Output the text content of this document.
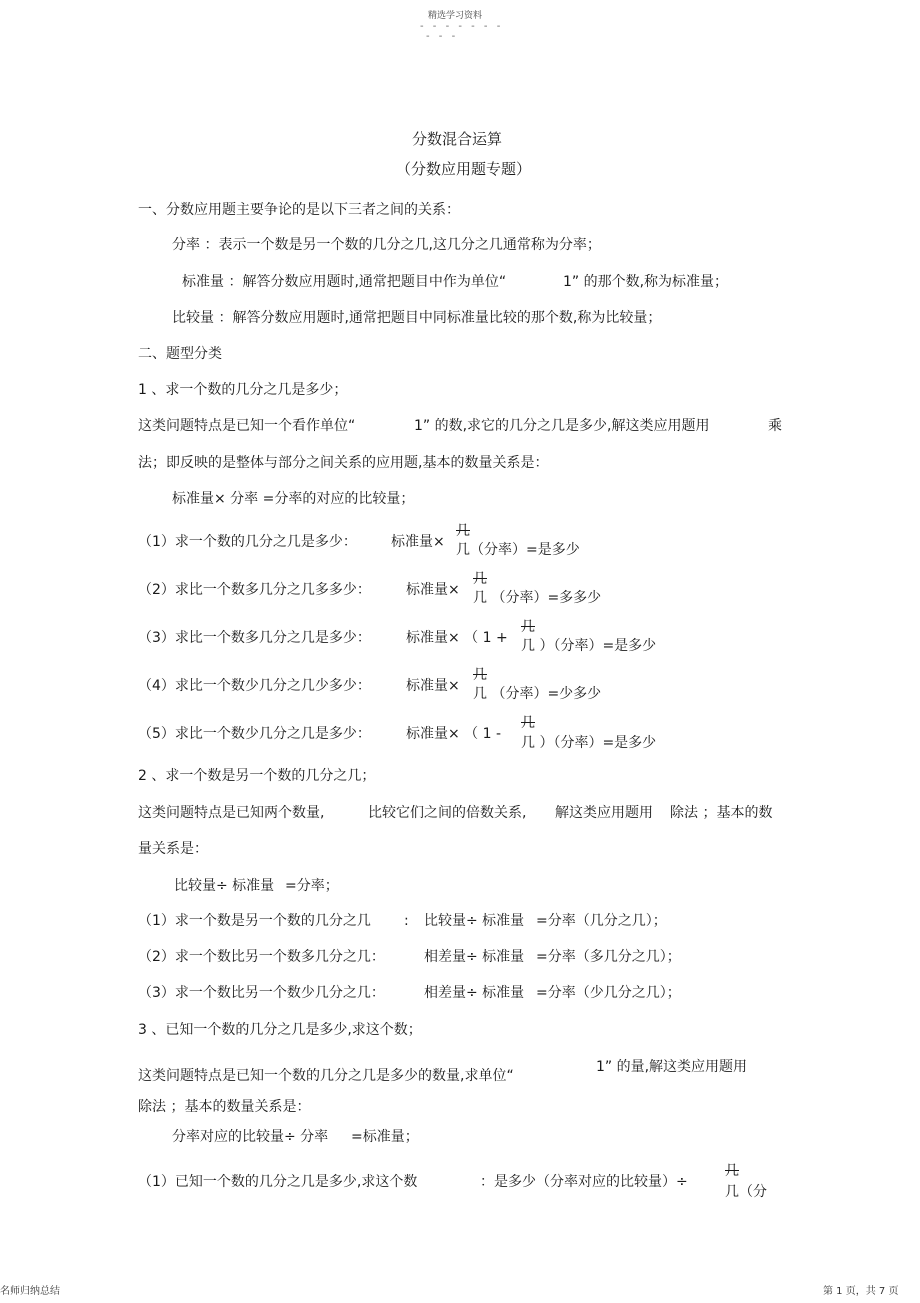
精选学习资料
- - - - - - -
- - -
分数混合运算
（分数应用题专题）
一、分数应用题主要争论的是以下三者之间的关系：
分率 ：表示一个数是另一个数的几分之几,这几分之几通常称为分率；
标准量 ：解答分数应用题时,通常把题目中作为单位“	1” 的那个数,称为标准量；
比较量 ：解答分数应用题时,通常把题目中同标准量比较的那个数,称为比较量；
二、题型分类
1 、求一个数的几分之几是多少；
这类问题特点是已知一个看作单位“	1” 的数,求它的几分之几是多少,解这类应用题用	乘
法；即反映的是整体与部分之间关系的应用题,基本的数量关系是：
标准量× 分率 =分率的对应的比较量；
（1）求一个数的几分之几是多少： 标准量×
几
几（分率）=是多少
（2）求比一个数多几分之几多多少：	标准量×
几
几 （分率）=多多少
（3）求比一个数多几分之几是多少：	标准量× （ 1 +
几
几 ）（分率）=是多少
（4）求比一个数少几分之几少多少：	标准量×
几
几 （分率）=少多少
（5）求比一个数少几分之几是多少：	标准量× （ 1 -
几
几 ）（分率）=是多少
2 、求一个数是另一个数的几分之几；
这类问题特点是已知两个数量,	比较它们之间的倍数关系, 解这类应用题用 除法 ；基本的数
量关系是：
比较量÷ 标准量 =分率；
（1）求一个数是另一个数的几分之几 : 比较量÷ 标准量 =分率（几分之几）；
（2）求一个数比另一个数多几分之几：	相差量÷ 标准量 =分率（多几分之几）；
（3）求一个数比另一个数少几分之几：	相差量÷ 标准量 =分率（少几分之几）；
3 、已知一个数的几分之几是多少,求这个数；
这类问题特点是已知一个数的几分之几是多少的数量,求单位“
1” 的量,解这类应用题用
除法 ；基本的数量关系是：
分率对应的比较量÷ 分率 =标准量；
（1）已知一个数的几分之几是多少,求这个数	：是多少（分率对应的比较量）÷
几
几（分
名师归纳总结	第 1 页，共 7 页
